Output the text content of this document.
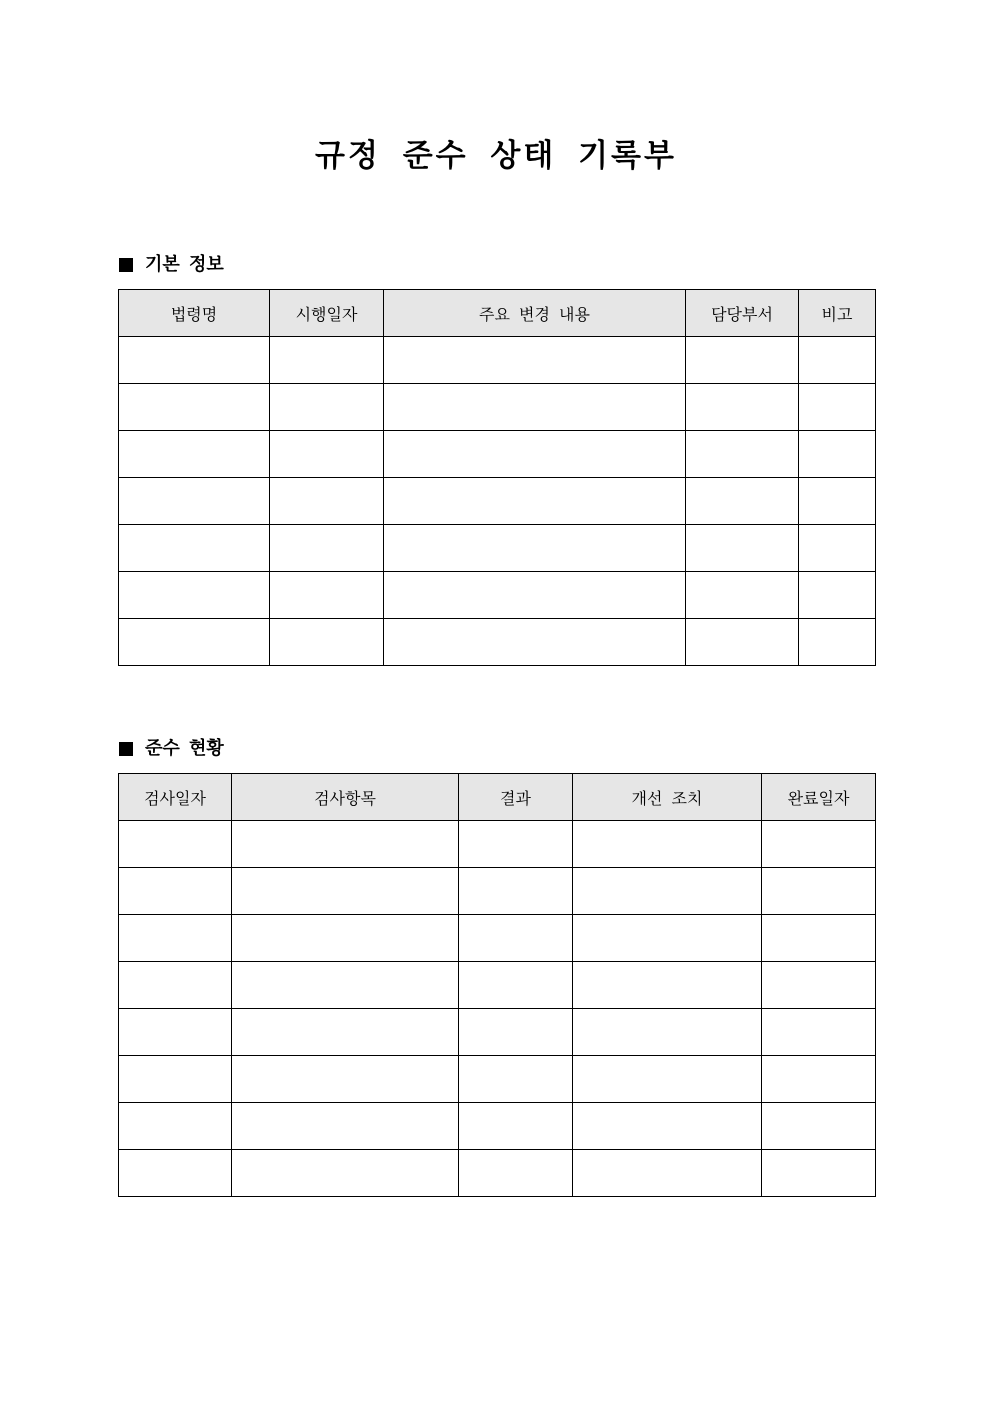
규정 준수 상태 기록부
기본 정보
법령명	시행일자	주요 변경 내용	담당부서	비고

준수 현황
검사일자	검사항목	결과	개선 조치	완료일자
